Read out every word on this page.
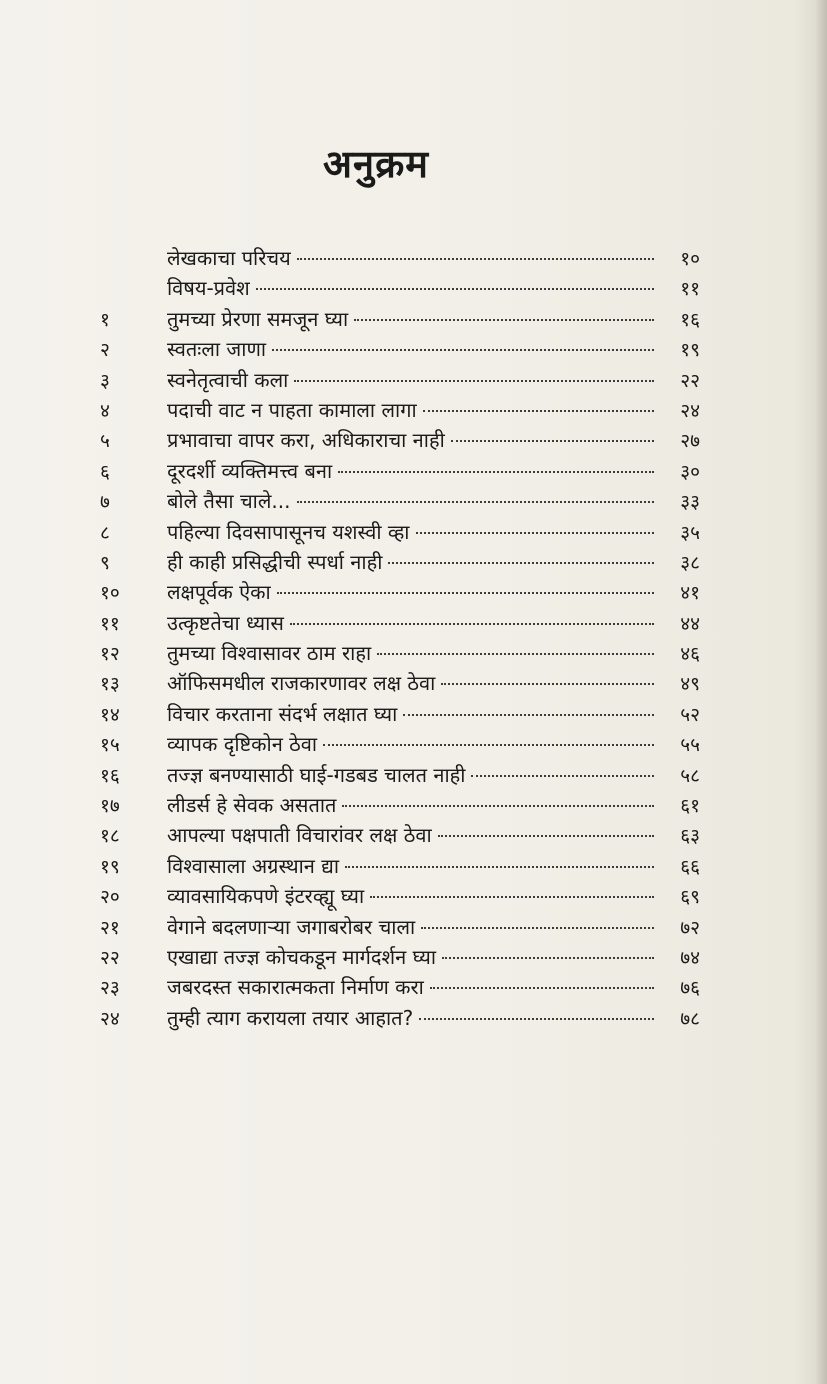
अनुक्रम
लेखकाचा परिचय	१०
विषय-प्रवेश	११
१	तुमच्या प्रेरणा समजून घ्या	१६
२	स्वतःला जाणा	१९
३	स्वनेतृत्वाची कला	२२
४	पदाची वाट न पाहता कामाला लागा	२४
५	प्रभावाचा वापर करा, अधिकाराचा नाही	२७
६	दूरदर्शी व्यक्तिमत्त्व बना	३०
७	बोले तैसा चाले...	३३
८	पहिल्या दिवसापासूनच यशस्वी व्हा	३५
९	ही काही प्रसिद्धीची स्पर्धा नाही	३८
१०	लक्षपूर्वक ऐका	४१
११	उत्कृष्टतेचा ध्यास	४४
१२	तुमच्या विश्वासावर ठाम राहा	४६
१३	ऑफिसमधील राजकारणावर लक्ष ठेवा	४९
१४	विचार करताना संदर्भ लक्षात घ्या	५२
१५	व्यापक दृष्टिकोन ठेवा	५५
१६	तज्ज्ञ बनण्यासाठी घाई-गडबड चालत नाही	५८
१७	लीडर्स हे सेवक असतात	६१
१८	आपल्या पक्षपाती विचारांवर लक्ष ठेवा	६३
१९	विश्वासाला अग्रस्थान द्या	६६
२०	व्यावसायिकपणे इंटरव्ह्यू घ्या	६९
२१	वेगाने बदलणाऱ्या जगाबरोबर चाला	७२
२२	एखाद्या तज्ज्ञ कोचकडून मार्गदर्शन घ्या	७४
२३	जबरदस्त सकारात्मकता निर्माण करा	७६
२४	तुम्ही त्याग करायला तयार आहात?	७८
